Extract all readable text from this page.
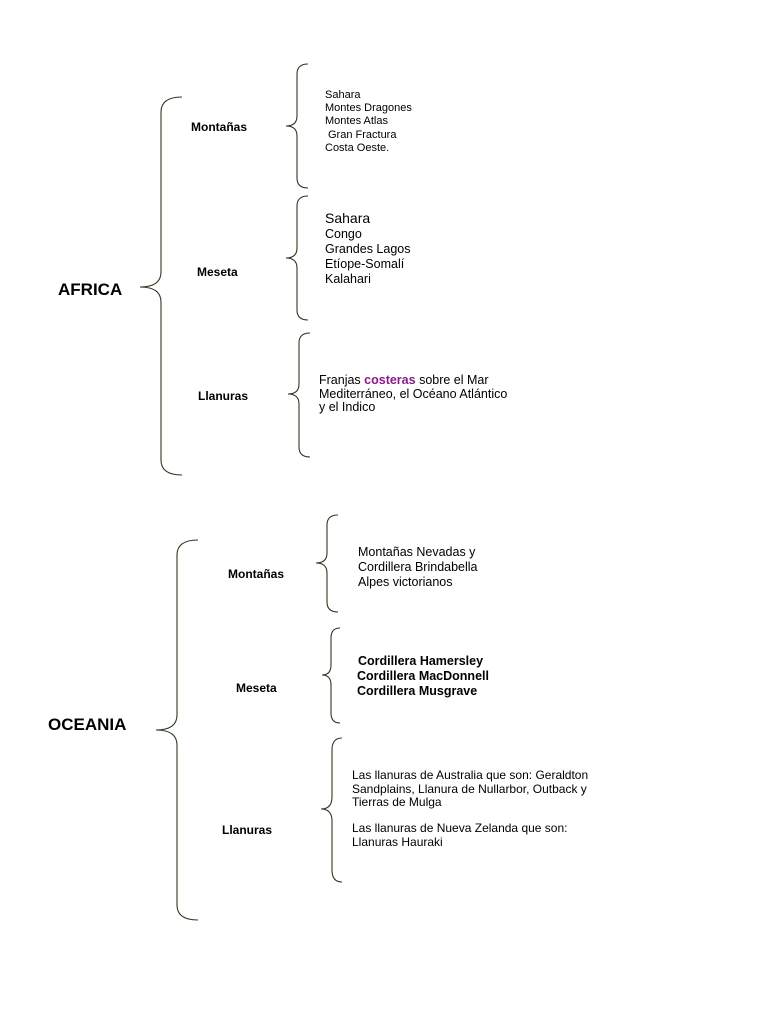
AFRICA
Montañas
Sahara
Montes Dragones
Montes Atlas
Gran Fractura
Costa Oeste.
Meseta
Sahara
Congo
Grandes Lagos
Etíope-Somalí
Kalahari
Llanuras
Franjas costeras sobre el Mar Mediterráneo, el Océano Atlántico y el Indico
OCEANIA
Montañas
Montañas Nevadas y
Cordillera Brindabella
Alpes victorianos
Meseta
Cordillera Hamersley
Cordillera MacDonnell
Cordillera Musgrave
Llanuras
Las llanuras de Australia que son: Geraldton Sandplains, Llanura de Nullarbor, Outback y Tierras de Mulga
Las llanuras de Nueva Zelanda que son: Llanuras Hauraki
